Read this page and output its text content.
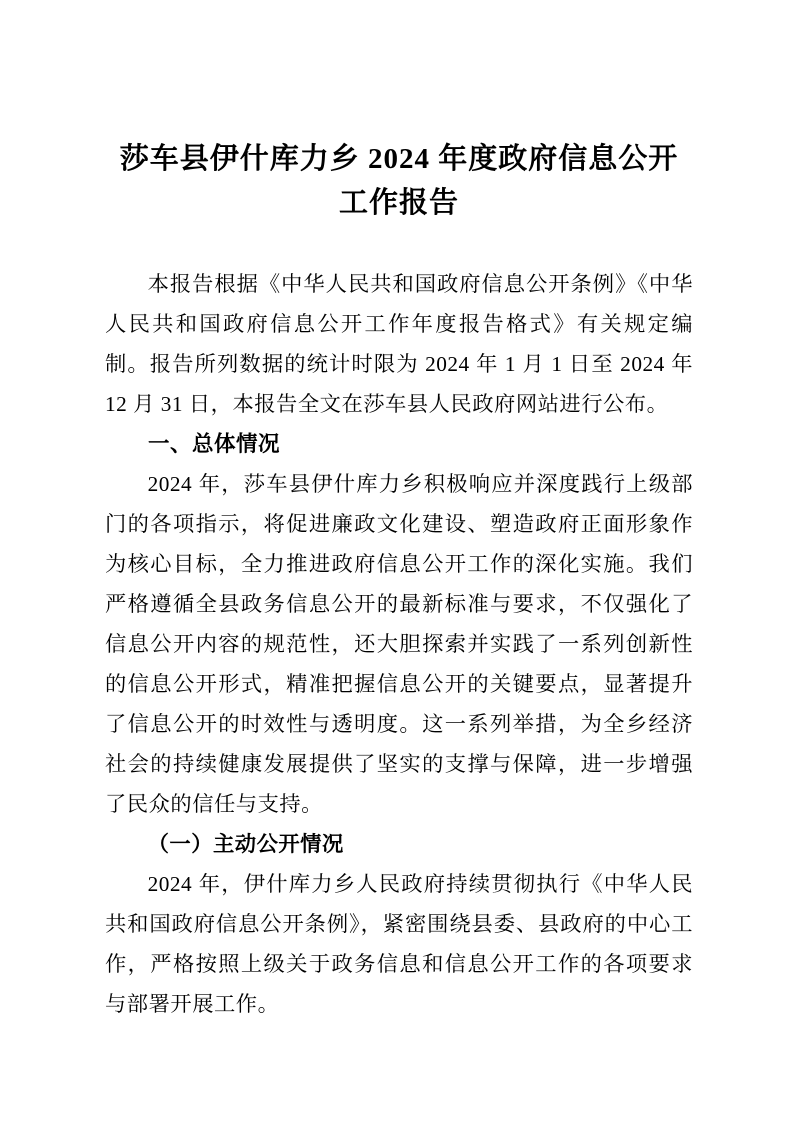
莎车县伊什库力乡 2024 年度政府信息公开
工作报告

本报告根据《中华人民共和国政府信息公开条例》《中华人民共和国政府信息公开工作年度报告格式》有关规定编制。报告所列数据的统计时限为 2024 年 1 月 1 日至 2024 年 12 月 31 日，本报告全文在莎车县人民政府网站进行公布。

一、总体情况

2024 年，莎车县伊什库力乡积极响应并深度践行上级部门的各项指示，将促进廉政文化建设、塑造政府正面形象作为核心目标，全力推进政府信息公开工作的深化实施。我们严格遵循全县政务信息公开的最新标准与要求，不仅强化了信息公开内容的规范性，还大胆探索并实践了一系列创新性的信息公开形式，精准把握信息公开的关键要点，显著提升了信息公开的时效性与透明度。这一系列举措，为全乡经济社会的持续健康发展提供了坚实的支撑与保障，进一步增强了民众的信任与支持。

（一）主动公开情况

2024 年，伊什库力乡人民政府持续贯彻执行《中华人民共和国政府信息公开条例》，紧密围绕县委、县政府的中心工作，严格按照上级关于政务信息和信息公开工作的各项要求与部署开展工作。
